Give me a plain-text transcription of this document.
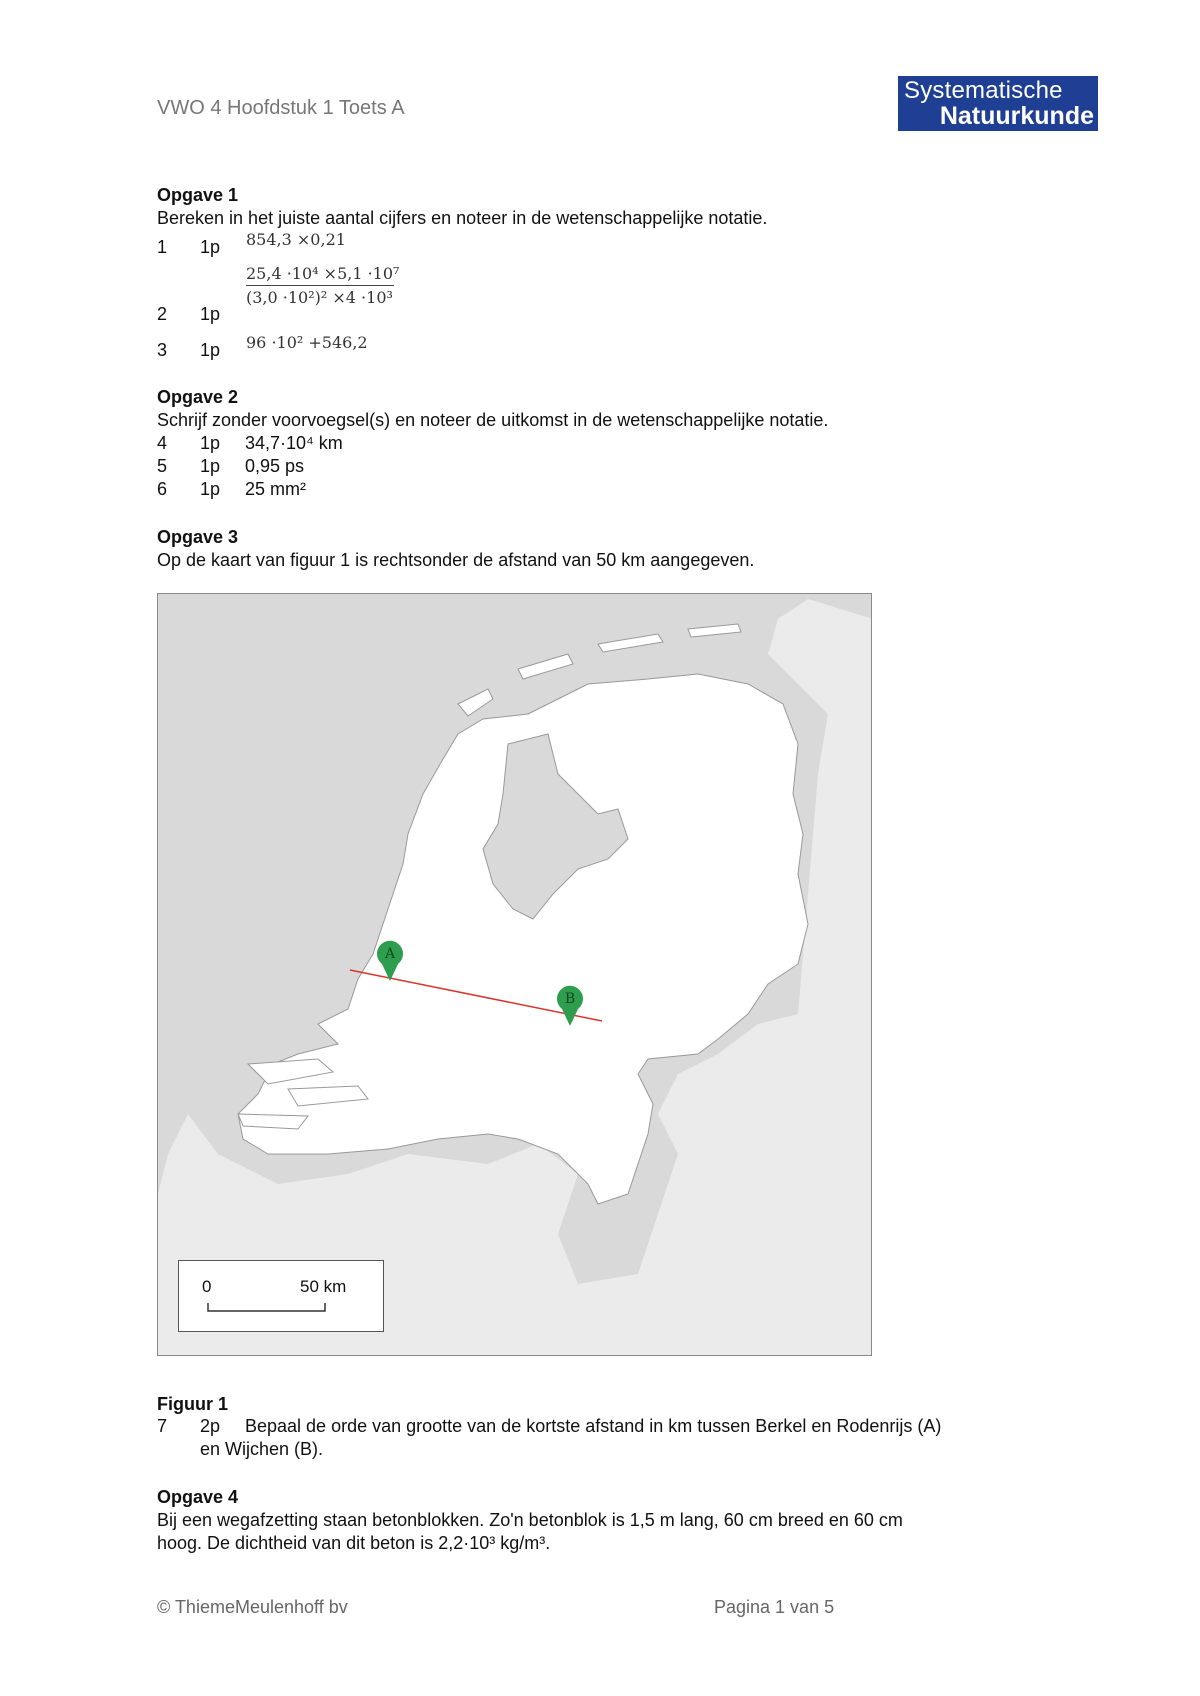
VWO 4 Hoofdstuk 1 Toets A
Systematische
Natuurkunde
Opgave 1
Bereken in het juiste aantal cijfers en noteer in de wetenschappelijke notatie.
1 1p 854,3 ×0,21
25,4 ·10⁴ ×5,1 ·10⁷
(3,0 ·10²)² ×4 ·10³
2 1p
3 1p 96 ·10² +546,2
Opgave 2
Schrijf zonder voorvoegsel(s) en noteer de uitkomst in de wetenschappelijke notatie.
4 1p 34,7·10⁴ km
5 1p 0,95 ps
6 1p 25 mm²
Opgave 3
Op de kaart van figuur 1 is rechtsonder de afstand van 50 km aangegeven.
A
B
0	50 km
Figuur 1
7 2p Bepaal de orde van grootte van de kortste afstand in km tussen Berkel en Rodenrijs (A)
en Wijchen (B).
Opgave 4
Bij een wegafzetting staan betonblokken. Zo'n betonblok is 1,5 m lang, 60 cm breed en 60 cm
hoog. De dichtheid van dit beton is 2,2·10³ kg/m³.
© ThiemeMeulenhoff bv	Pagina 1 van 5
